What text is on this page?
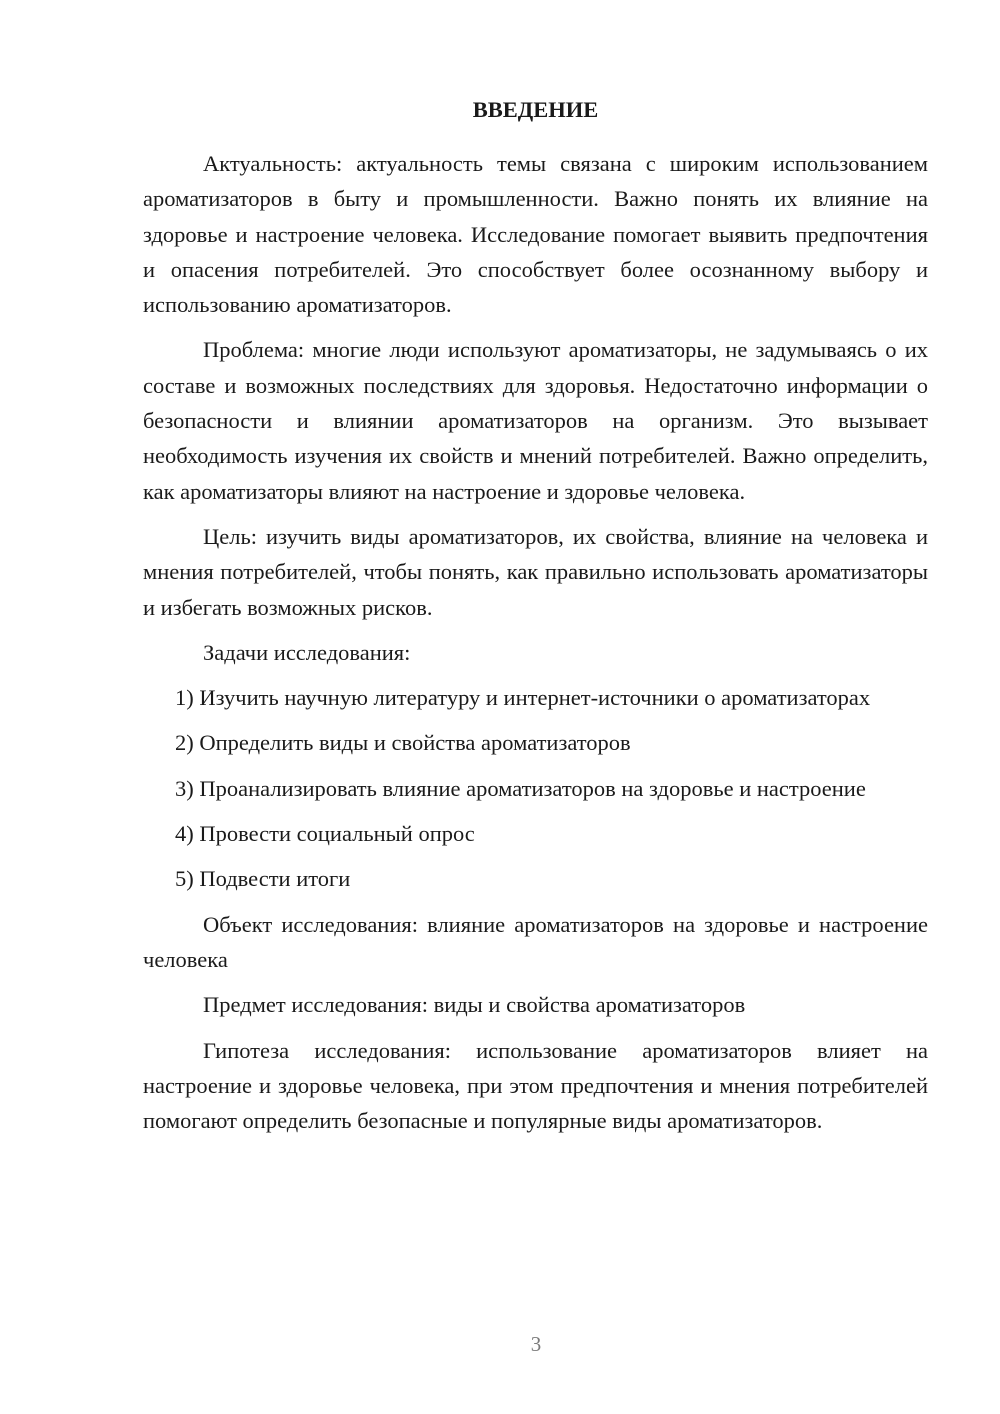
ВВЕДЕНИЕ

Актуальность: актуальность темы связана с широким использованием ароматизаторов в быту и промышленности. Важно понять их влияние на здоровье и настроение человека. Исследование помогает выявить предпочтения и опасения потребителей. Это способствует более осознанному выбору и использованию ароматизаторов.

Проблема: многие люди используют ароматизаторы, не задумываясь о их составе и возможных последствиях для здоровья. Недостаточно информации о безопасности и влиянии ароматизаторов на организм. Это вызывает необходимость изучения их свойств и мнений потребителей. Важно определить, как ароматизаторы влияют на настроение и здоровье человека.

Цель: изучить виды ароматизаторов, их свойства, влияние на человека и мнения потребителей, чтобы понять, как правильно использовать ароматизаторы и избегать возможных рисков.

Задачи исследования:

1) Изучить научную литературу и интернет-источники о ароматизаторах

2) Определить виды и свойства ароматизаторов

3) Проанализировать влияние ароматизаторов на здоровье и настроение

4) Провести социальный опрос

5) Подвести итоги

Объект исследования: влияние ароматизаторов на здоровье и настроение человека

Предмет исследования: виды и свойства ароматизаторов

Гипотеза исследования: использование ароматизаторов влияет на настроение и здоровье человека, при этом предпочтения и мнения потребителей помогают определить безопасные и популярные виды ароматизаторов.

3
